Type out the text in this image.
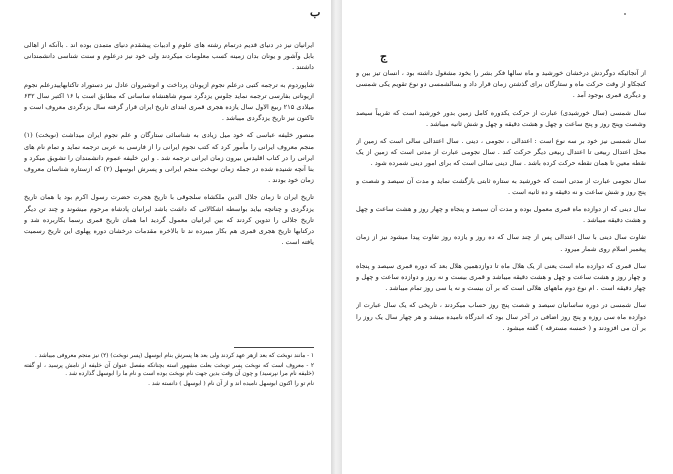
ب

ایرانیان نیز در دنیای قدیم درتمام رشته های علوم و ادبیات پیشقدم دنیای متمدن بوده اند . باآنکه از اهالی بابل وآشور و یونان بدان زمینه کسب معلومات میکردند ولی خود نیز درعلوم و سنت شناسی دانشمندانی داشتند .

شاپوردوم به ترجمه کتبی درعلم نجوم ازیونان پرداخت و انوشیروان عادل نیز دستوراد تاکتابهاییدرعلم نجوم ازیونانی بفارسی ترجمه نماید جلوس یزدگرد سوم شاهنشاه ساسانی که مطابق است با ۱۶ اکتبر سال ۶۳۲ میلادی ۲۱۵ ربیع الاول سال یازده هجری قمری ابتدای تاریخ ایران قرار گرفته سال یزدگردی معروف است و تاکنون نیز تاریخ یزدگردی میباشد .

منصور خلیفه عباسی که خود میل زیادی به شناسائی ستارگان و علم نجوم ایران میداشت (نوبخت) (۱) منجم معروف ایرانی را مأمور کرد که کتب نجوم ایرانی را از فارسی به عربی ترجمه نماید و تمام نام های ایرانی را در کتاب اقلیدس بیرون زمان ایرانی ترجمه شد . و این خلیفه عموم دانشمندان را تشویق میکرد و بنا آنچه شنیده شده در جمله زمان نوبخت منجم ایرانی و پسرش ابوسهل (۲) که ازستاره شناسان معروف زمان خود بودند .

تاریخ ایران تا زمان جلال الدین ملکشاه سلجوقی با تاریخ هجرت حضرت رسول اکرم بود یا همان تاریخ یزدگردی و چنانچه بیاید بواسطه اشکالاتی که داشت باشد ایرانیان پادشاه مرحوم میشوند و چند تن دیگر تاریخ جلالی را تدوین کردند که بین ایرانیان معمول گردید اما همان تاریخ قمری رسما بکاربرده شد و درکتابها تاریخ هجری قمری هم بکار میبرده ند تا بالاخره مقدمات درخشان دوره پهلوی این تاریخ رسمیت یافته است .

۱ - مانند نوبخت که بعد ازهر عهد کردند ولی بعد ها پسرش بنام ابوسهل (پسر نوبخت) (۲) نیز منجم معروفی میباشد .

۲ - معروف است که نوبخت پسر توبخت بعلت مشهور استه بچنانکه مفصل عنوان آن خلیفه از نامش پرسید ، او گفته (خلیفه نام مرا نپرسید) و چون آن وقت بدین جهت نام نوبخت بوده است و نام ما را ابوسهل گذارده شد .

نام تو را اکنون ابوسهل نامیده اند و از آن نام ( ابوسهل ) دانسته شد .

ج

از آنجائیکه دوگردش درخشان خورشید و ماه سالها فکر بشر را بخود مشغول داشته بود ، انسان تیز بین و کنجکاو از وقت حرکت ماه و ستارگان برای گذشتن زمان قرار داد و بسالشمسی دو نوع تقویم یکی شمسی و دیگری قمری بوجود آمد .

سال شمسی (سال خورشیدی) عبارت از حرکت یکدوره کامل زمین بدور خورشید است که تقریباً سیصد وشصت وپنج روز و پنج ساعت و چهل و هشت دقیقه و چهل و شش ثانیه میباشد .

سال شمسی نیز خود بر سه نوع است : اعتدالی ، نجومی ، دینی . سال اعتدالی سالی است که زمین از محل اعتدال ربیعی تا اعتدال ربیعی دیگر حرکت کند . سال نجومی عبارت از مدتی است که زمین از یک نقطه معین تا همان نقطه حرکت کرده باشد . سال دینی سالی است که برای امور دینی شمرده شود .

سال نجومی عبارت از مدتی است که خورشید به ستاره ثابتی بازگشت نماید و مدت آن سیصد و شصت و پنج روز و شش ساعت و نه دقیقه و ده ثانیه است .

سال دینی که از دوازده ماه قمری معمول بوده و مدت آن سیصد و پنجاه و چهار روز و هشت ساعت و چهل و هشت دقیقه میباشد .

تفاوت سال دینی با سال اعتدالی پس از چند سال که ده روز و یازده روز تفاوت پیدا میشود نیز از زمان پیغمبر اسلام روی شمار میرود .

سال قمری که دوازده ماه است یعنی از یک هلال ماه تا دوازدهمین هلال بعد که دوره قمری سیصد و پنجاه و چهار روز و هشت ساعت و چهل و هشت دقیقه میباشد و قمری بیست و نه روز و دوازده ساعت و چهل و چهار دقیقه است . ام نوع دوم ماههای هلالی است که بر آن بیست و نه یا سی روز تمام میباشد .

سال شمسی در دوره ساسانیان سیصد و شصت پنج روز حساب میکردند ، تاریخی که یک سال عبارت از دوازده ماه سی روزه و پنج روز اضافی در آخر سال بود که اندرگاه نامیده میشد و هر چهار سال یک روز را بر آن می افزودند و ( خمسه مسترقه ) گفته میشود .
